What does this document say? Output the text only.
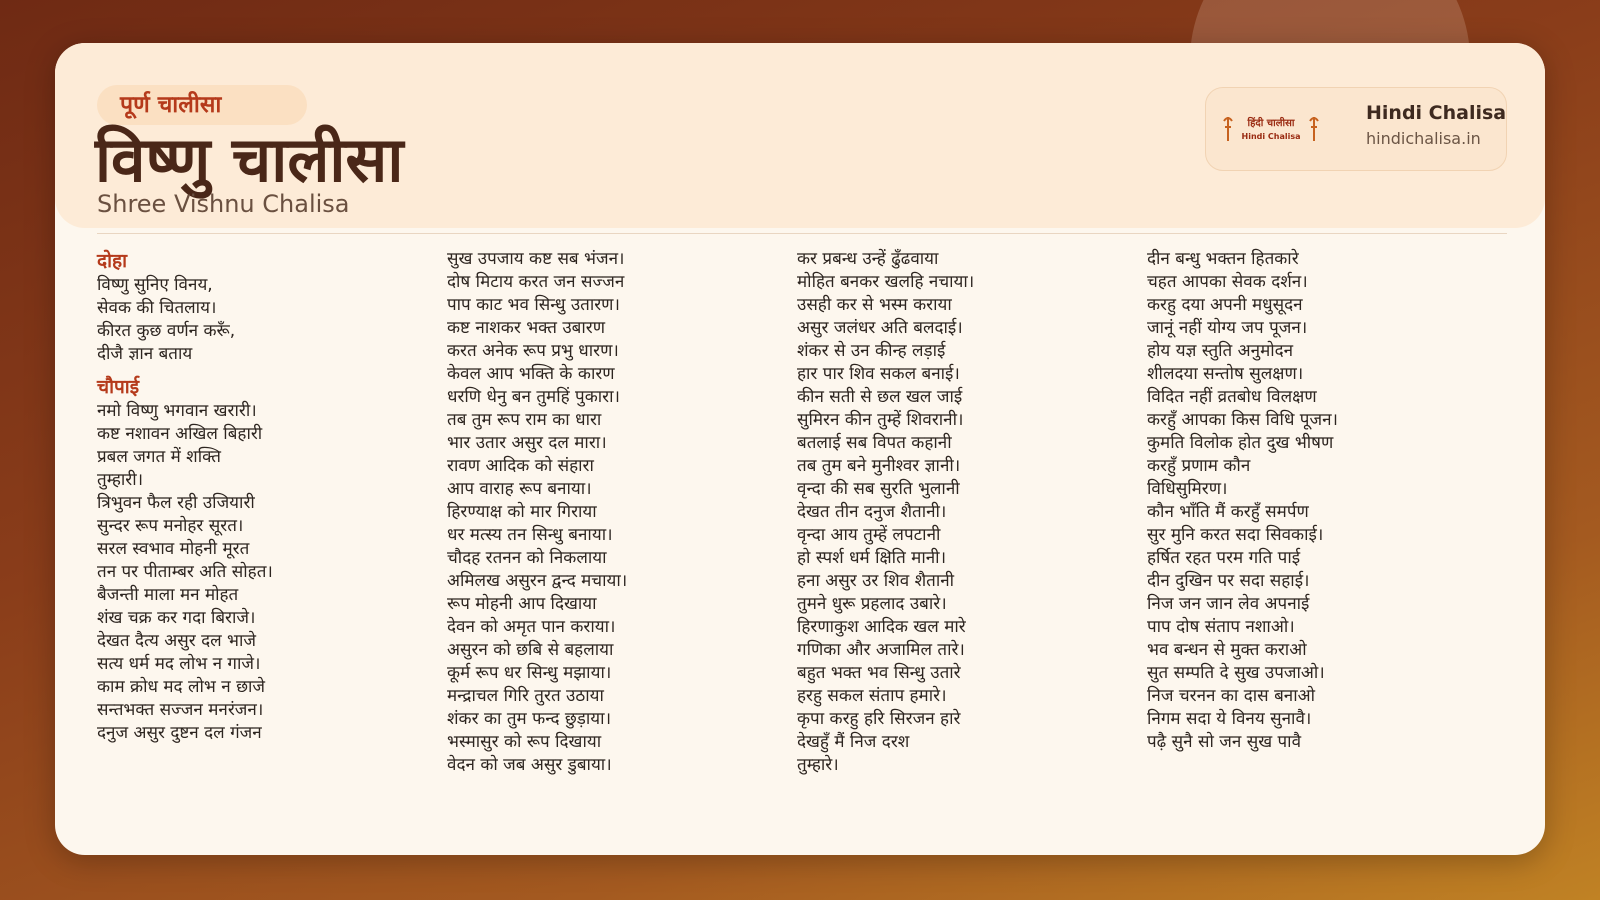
पूर्ण चालीसा
विष्णु चालीसा
Shree Vishnu Chalisa
हिंदी चालीसा
Hindi Chalisa
Hindi Chalisa
hindichalisa.in
दोहा
विष्णु सुनिए विनय,
सेवक की चितलाय।
कीरत कुछ वर्णन करूँ,
दीजै ज्ञान बताय
चौपाई
नमो विष्णु भगवान खरारी।
कष्ट नशावन अखिल बिहारी
प्रबल जगत में शक्ति
तुम्हारी।
त्रिभुवन फैल रही उजियारी
सुन्दर रूप मनोहर सूरत।
सरल स्वभाव मोहनी मूरत
तन पर पीताम्बर अति सोहत।
बैजन्ती माला मन मोहत
शंख चक्र कर गदा बिराजे।
देखत दैत्य असुर दल भाजे
सत्य धर्म मद लोभ न गाजे।
काम क्रोध मद लोभ न छाजे
सन्तभक्त सज्जन मनरंजन।
दनुज असुर दुष्टन दल गंजन
सुख उपजाय कष्ट सब भंजन।
दोष मिटाय करत जन सज्जन
पाप काट भव सिन्धु उतारण।
कष्ट नाशकर भक्त उबारण
करत अनेक रूप प्रभु धारण।
केवल आप भक्ति के कारण
धरणि धेनु बन तुमहिं पुकारा।
तब तुम रूप राम का धारा
भार उतार असुर दल मारा।
रावण आदिक को संहारा
आप वाराह रूप बनाया।
हिरण्याक्ष को मार गिराया
धर मत्स्य तन सिन्धु बनाया।
चौदह रतनन को निकलाया
अमिलख असुरन द्वन्द मचाया।
रूप मोहनी आप दिखाया
देवन को अमृत पान कराया।
असुरन को छबि से बहलाया
कूर्म रूप धर सिन्धु मझाया।
मन्द्राचल गिरि तुरत उठाया
शंकर का तुम फन्द छुड़ाया।
भस्मासुर को रूप दिखाया
वेदन को जब असुर डुबाया।
कर प्रबन्ध उन्हें ढुँढवाया
मोहित बनकर खलहि नचाया।
उसही कर से भस्म कराया
असुर जलंधर अति बलदाई।
शंकर से उन कीन्ह लड़ाई
हार पार शिव सकल बनाई।
कीन सती से छल खल जाई
सुमिरन कीन तुम्हें शिवरानी।
बतलाई सब विपत कहानी
तब तुम बने मुनीश्वर ज्ञानी।
वृन्दा की सब सुरति भुलानी
देखत तीन दनुज शैतानी।
वृन्दा आय तुम्हें लपटानी
हो स्पर्श धर्म क्षिति मानी।
हना असुर उर शिव शैतानी
तुमने धुरू प्रहलाद उबारे।
हिरणाकुश आदिक खल मारे
गणिका और अजामिल तारे।
बहुत भक्त भव सिन्धु उतारे
हरहु सकल संताप हमारे।
कृपा करहु हरि सिरजन हारे
देखहुँ मैं निज दरश
तुम्हारे।
दीन बन्धु भक्तन हितकारे
चहत आपका सेवक दर्शन।
करहु दया अपनी मधुसूदन
जानूं नहीं योग्य जप पूजन।
होय यज्ञ स्तुति अनुमोदन
शीलदया सन्तोष सुलक्षण।
विदित नहीं व्रतबोध विलक्षण
करहुँ आपका किस विधि पूजन।
कुमति विलोक होत दुख भीषण
करहुँ प्रणाम कौन
विधिसुमिरण।
कौन भाँति मैं करहुँ समर्पण
सुर मुनि करत सदा सिवकाई।
हर्षित रहत परम गति पाई
दीन दुखिन पर सदा सहाई।
निज जन जान लेव अपनाई
पाप दोष संताप नशाओ।
भव बन्धन से मुक्त कराओ
सुत सम्पति दे सुख उपजाओ।
निज चरनन का दास बनाओ
निगम सदा ये विनय सुनावै।
पढ़ै सुनै सो जन सुख पावै
